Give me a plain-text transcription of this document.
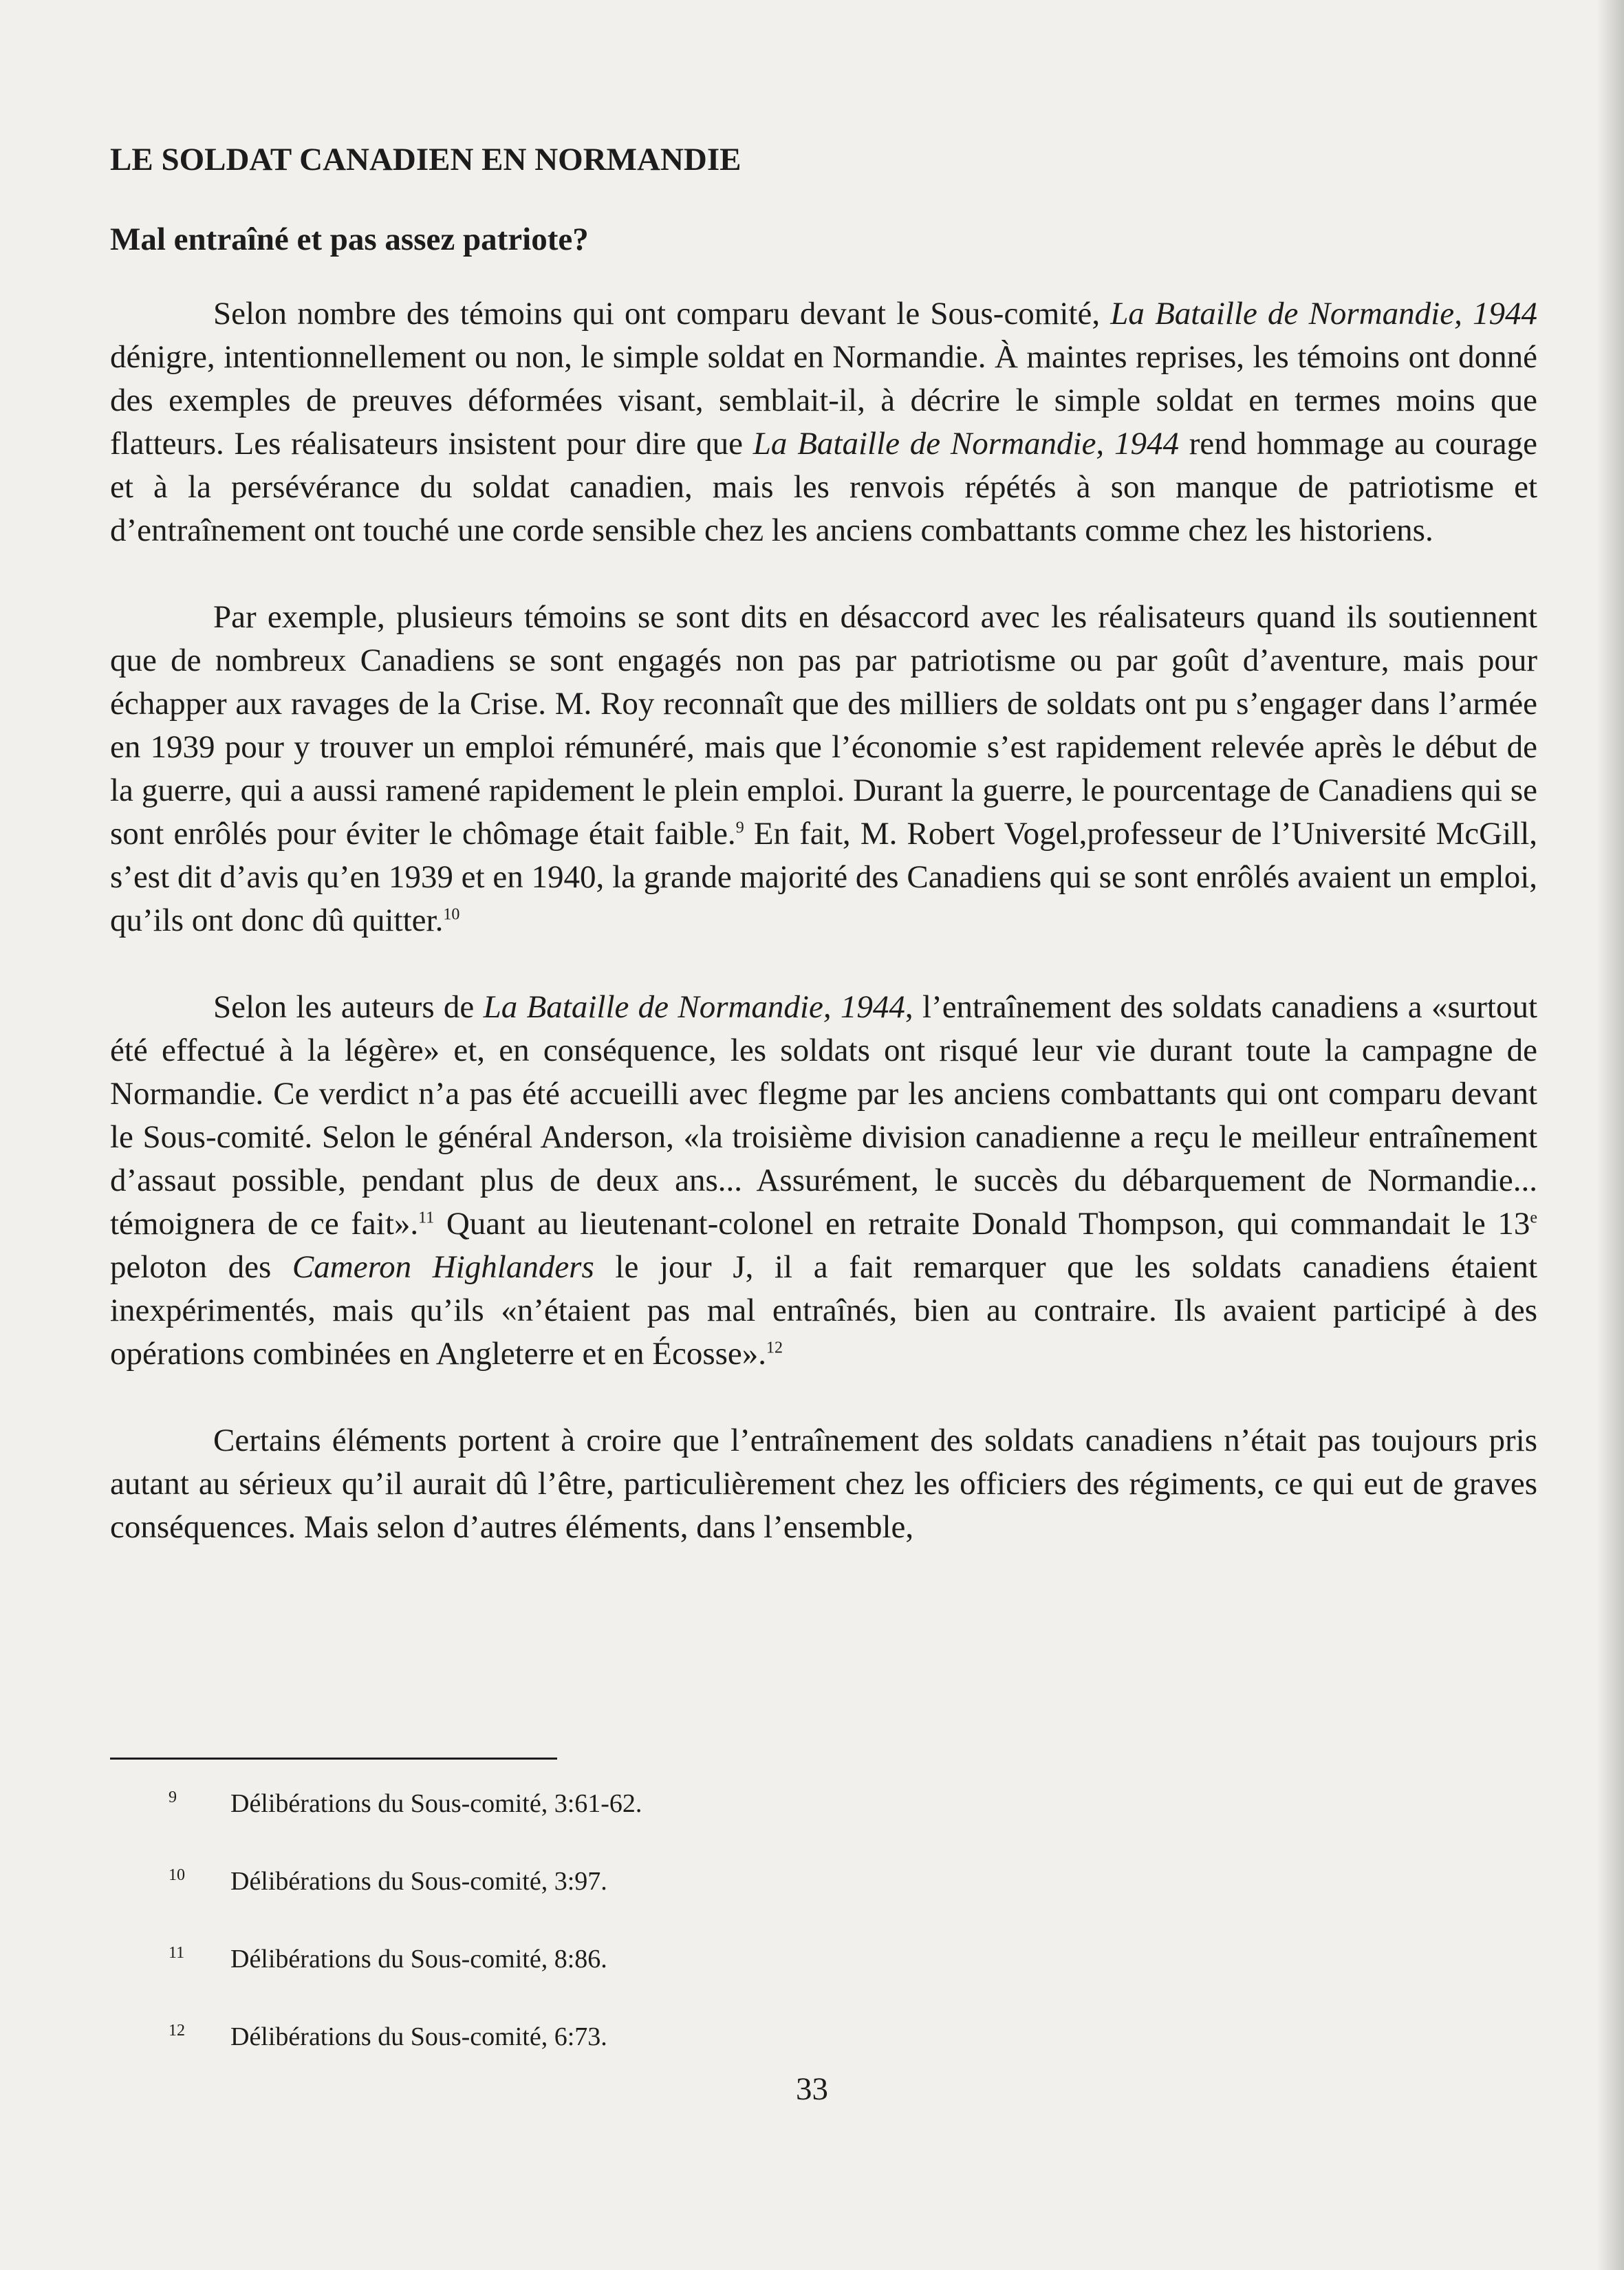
LE SOLDAT CANADIEN EN NORMANDIE
Mal entraîné et pas assez patriote?

Selon nombre des témoins qui ont comparu devant le Sous-comité, La Bataille de Normandie, 1944 dénigre, intentionnellement ou non, le simple soldat en Normandie. À maintes reprises, les témoins ont donné des exemples de preuves déformées visant, semblait-il, à décrire le simple soldat en termes moins que flatteurs. Les réalisateurs insistent pour dire que La Bataille de Normandie, 1944 rend hommage au courage et à la persévérance du soldat canadien, mais les renvois répétés à son manque de patriotisme et d’entraînement ont touché une corde sensible chez les anciens combattants comme chez les historiens.

Par exemple, plusieurs témoins se sont dits en désaccord avec les réalisateurs quand ils soutiennent que de nombreux Canadiens se sont engagés non pas par patriotisme ou par goût d’aventure, mais pour échapper aux ravages de la Crise. M. Roy reconnaît que des milliers de soldats ont pu s’engager dans l’armée en 1939 pour y trouver un emploi rémunéré, mais que l’économie s’est rapidement relevée après le début de la guerre, qui a aussi ramené rapidement le plein emploi. Durant la guerre, le pourcentage de Canadiens qui se sont enrôlés pour éviter le chômage était faible.$^9$ En fait, M. Robert Vogel,professeur de l’Université McGill, s’est dit d’avis qu’en 1939 et en 1940, la grande majorité des Canadiens qui se sont enrôlés avaient un emploi, qu’ils ont donc dû quitter.$^{10}$

Selon les auteurs de La Bataille de Normandie, 1944, l’entraînement des soldats canadiens a «surtout été effectué à la légère» et, en conséquence, les soldats ont risqué leur vie durant toute la campagne de Normandie. Ce verdict n’a pas été accueilli avec flegme par les anciens combattants qui ont comparu devant le Sous-comité. Selon le général Anderson, «la troisième division canadienne a reçu le meilleur entraînement d’assaut possible, pendant plus de deux ans... Assurément, le succès du débarquement de Normandie... témoignera de ce fait».$^{11}$ Quant au lieutenant-colonel en retraite Donald Thompson, qui commandait le 13e peloton des Cameron Highlanders le jour J, il a fait remarquer que les soldats canadiens étaient inexpérimentés, mais qu’ils «n’étaient pas mal entraînés, bien au contraire. Ils avaient participé à des opérations combinées en Angleterre et en Écosse».$^{12}$

Certains éléments portent à croire que l’entraînement des soldats canadiens n’était pas toujours pris autant au sérieux qu’il aurait dû l’être, particulièrement chez les officiers des régiments, ce qui eut de graves conséquences. Mais selon d’autres éléments, dans l’ensemble,

9	Délibérations du Sous-comité, 3:61-62.
10	Délibérations du Sous-comité, 3:97.
11	Délibérations du Sous-comité, 8:86.
12	Délibérations du Sous-comité, 6:73.
33
